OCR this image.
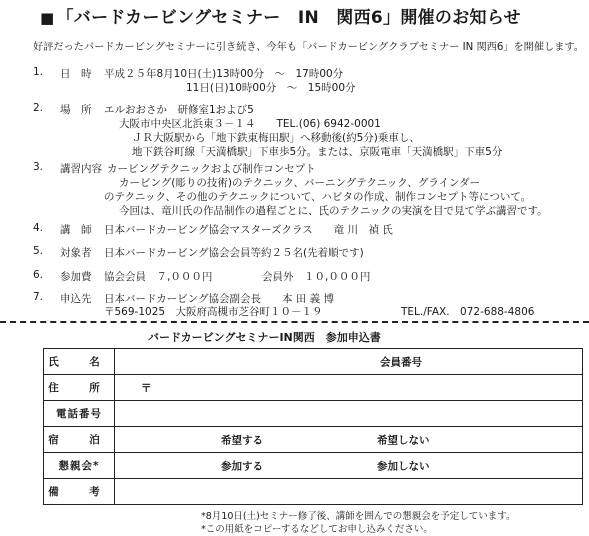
■ 「バードカービングセミナー　IN　関西6」開催のお知らせ
好評だったバードカービングセミナーに引き続き、今年も「バードカービングクラブセミナー IN 関西6」を開催します。
1. 日　時 平成２５年8月10日(土)13時00分　～　17時00分
11日(日)10時00分　～　15時00分
2. 場　所 エルおおさか　研修室1および5
大阪市中央区北浜東３－１４　　TEL.(06) 6942-0001
ＪＲ大阪駅から「地下鉄東梅田駅」へ移動後(約5分)乗車し、
地下鉄谷町線「天満橋駅」下車歩5分。または、京阪電車「天満橋駅」下車5分
3. 講習内容 カービングテクニックおよび制作コンセプト
カービング(彫りの技術)のテクニック、バーニングテクニック、グラインダー
のテクニック、その他のテクニックについて、ハビタの作成、制作コンセプト等について。
今回は、竜川氏の作品制作の過程ごとに、氏のテクニックの実演を目で見て学ぶ講習です。
4. 講　師 日本バードカービング協会マスターズクラス　　竜 川　禎 氏
5. 対象者 日本バードカービング協会会員等約２５名(先着順です)
6. 参加費 協会会員　７,０００円	会員外　１０,０００円
7. 申込先 日本バードカービング協会副会長　　本 田 義 博
〒569-1025　大阪府高槻市芝谷町１０－１９	TEL./FAX.　072-688-4806
バードカービングセミナーIN関西　参加申込書
氏　名	会員番号

住　所	〒

電話番号	
宿　泊	希望する 希望しない

懇親会*	参加する 参加しない

備　考	
*8月10日(土)セミナー修了後、講師を囲んでの懇親会を予定しています。
*この用紙をコピーするなどしてお申し込みください。
